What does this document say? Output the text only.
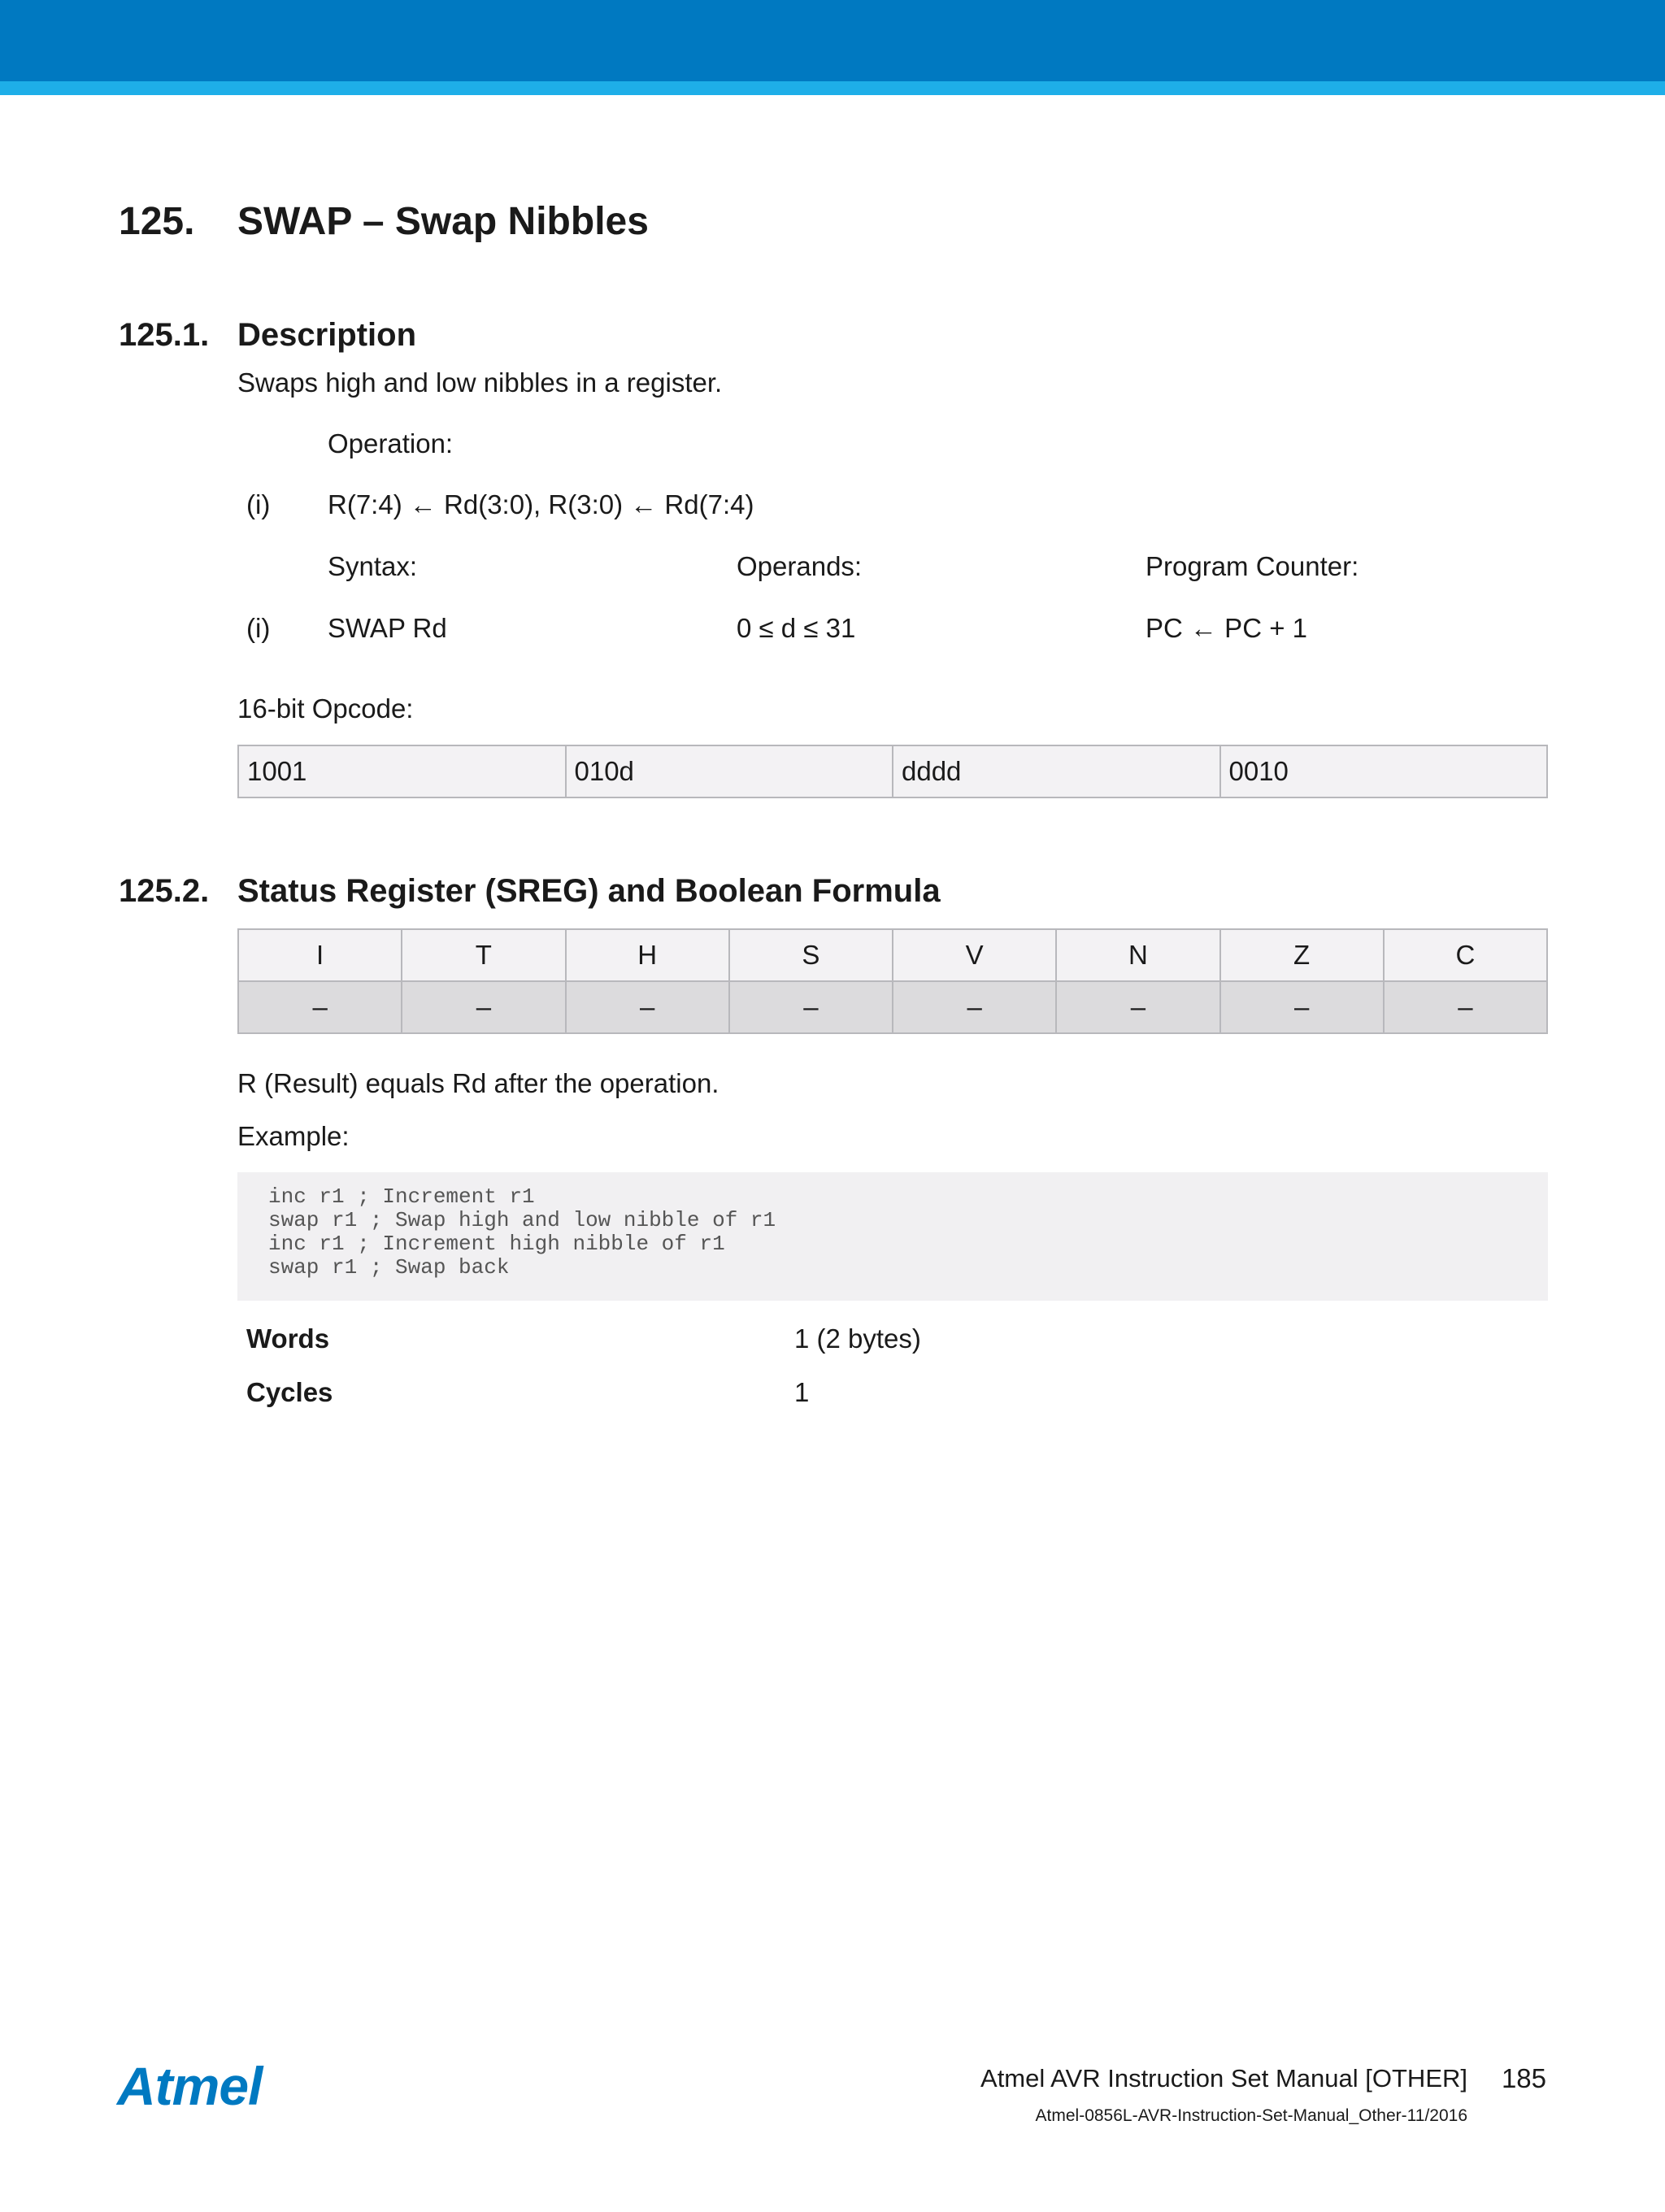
125. SWAP – Swap Nibbles
125.1. Description
Swaps high and low nibbles in a register.
Operation:
(i) R(7:4) ← Rd(3:0), R(3:0) ← Rd(7:4)
Syntax:	Operands:	Program Counter:
(i) SWAP Rd	0 ≤ d ≤ 31	PC ← PC + 1
16-bit Opcode:
1001	010d	dddd	0010
125.2. Status Register (SREG) and Boolean Formula
I	T	H	S	V	N	Z	C
–	–	–	–	–	–	–	–
R (Result) equals Rd after the operation.
Example:
inc r1 ; Increment r1
swap r1 ; Swap high and low nibble of r1
inc r1 ; Increment high nibble of r1
swap r1 ; Swap back
Words	1 (2 bytes)
Cycles	1
Atmel	Atmel AVR Instruction Set Manual [OTHER] 185
Atmel-0856L-AVR-Instruction-Set-Manual_Other-11/2016
